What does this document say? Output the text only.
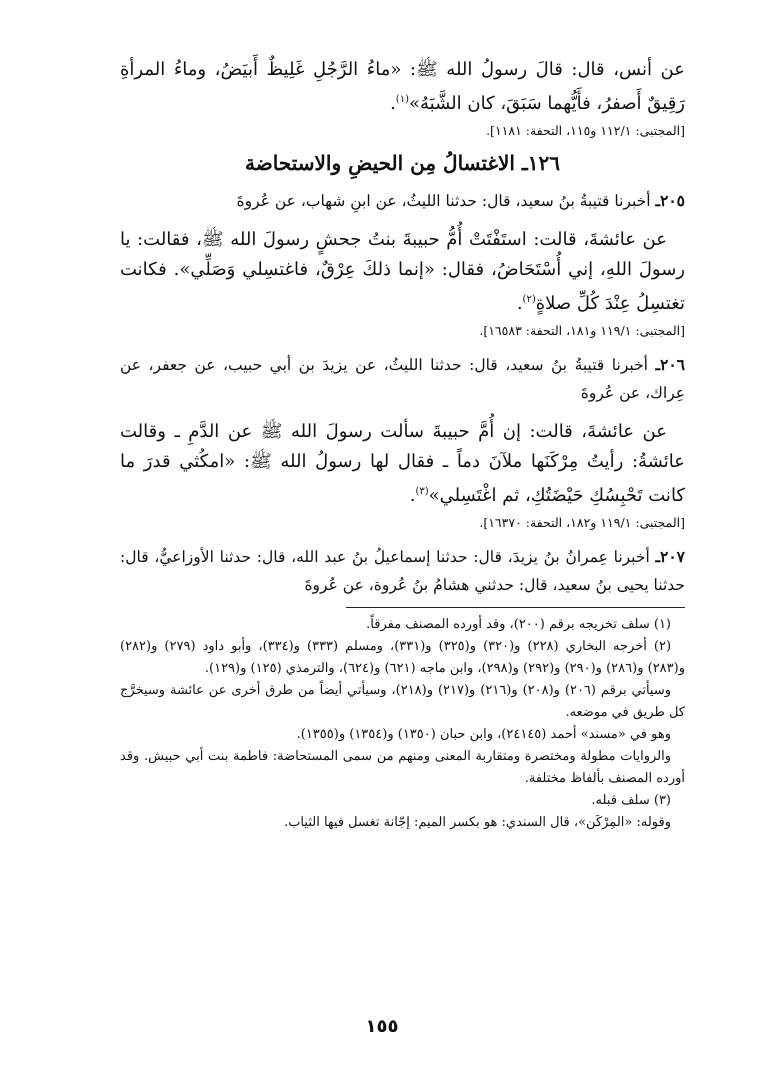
عن أنس، قال: قالَ رسولُ الله ﷺ: «ماءُ الرَّجُلِ غَلِيظٌ أَبيَضُ، وماءُ المرأةِ رَقِيقٌ أَصفرُ، فأَيُّهما سَبَقَ، كان الشَّبَهُ»$^{(١)}$.

[المجتبى: ١١٢/١ و١١٥، التحفة: ١١٨١].

١٢٦ـ الاغتسالُ مِن الحيضِ والاستحاضة

٢٠٥ـ أخبرنا قتيبةُ بنُ سعيد، قال: حدثنا الليثُ، عن ابنِ شهاب، عن عُروةَ

عن عائشةَ، قالت: استَفْتَتْ أُمُّ حبيبةَ بنتُ جحشٍ رسولَ الله ﷺ، فقالت: يا رسولَ اللهِ، إني أُسْتَحَاضُ، فقال: «إنما ذلكَ عِرْقٌ، فاغتسِلي وَصَلِّي». فكانت تغتسِلُ عِنْدَ كُلِّ صلاةٍ$^{(٢)}$.

[المجتبى: ١١٩/١ و١٨١، التحفة: ١٦٥٨٣].

٢٠٦ـ أخبرنا قتيبةُ بنُ سعيد، قال: حدثنا الليثُ، عن يزيدَ بن أبي حبيب، عن جعفر، عن عِراك، عن عُروةَ

عن عائشةَ، قالت: إن أُمَّ حبيبةَ سألت رسولَ الله ﷺ عن الدَّمِ ـ وقالت عائشةُ: رأيتُ مِرْكَنَها ملآنَ دماً ـ فقال لها رسولُ الله ﷺ: «امكُثي قدرَ ما كانت تَحْبِسُكِ حَيْضَتُكِ، ثم اغْتَسِلي»$^{(٣)}$.

[المجتبى: ١١٩/١ و١٨٢، التحفة: ١٦٣٧٠].

٢٠٧ـ أخبرنا عِمرانُ بنُ يزيدَ، قال: حدثنا إسماعيلُ بنُ عبد الله، قال: حدثنا الأوزاعيُّ، قال: حدثنا يحيى بنُ سعيد، قال: حدثني هشامُ بنُ عُروة، عن عُروةَ

(١) سلف تخريجه برقم (٢٠٠)، وقد أورده المصنف مفرقاً.

(٢) أخرجه البخاري (٢٢٨) و(٣٢٠) و(٣٢٥) و(٣٣١)، ومسلم (٣٣٣) و(٣٣٤)، وأبو داود (٢٧٩) و(٢٨٢) و(٢٨٣) و(٢٨٦) و(٢٩٠) و(٢٩٢) و(٢٩٨)، وابن ماجه (٦٢١) و(٦٢٤)، والترمذي (١٢٥) و(١٢٩).

وسيأتي برقم (٢٠٦) و(٢٠٨) و(٢١٦) و(٢١٧) و(٢١٨)، وسيأتي أيضاً من طرق أخرى عن عائشة وسيخرَّج كل طريق في موضعه.

وهو في «مسند» أحمد (٢٤١٤٥)، وابن حبان (١٣٥٠) و(١٣٥٤) و(١٣٥٥).

والروايات مطولة ومختصرة ومتقاربة المعنى ومنهم من سمى المستحاضة: فاطمة بنت أبي حبيش. وقد أورده المصنف بألفاظ مختلفة.

(٣) سلف قبله.

وقوله: «المِرْكَن»، قال السندي: هو بكسر الميم: إجّانة تغسل فيها الثياب.

١٥٥
